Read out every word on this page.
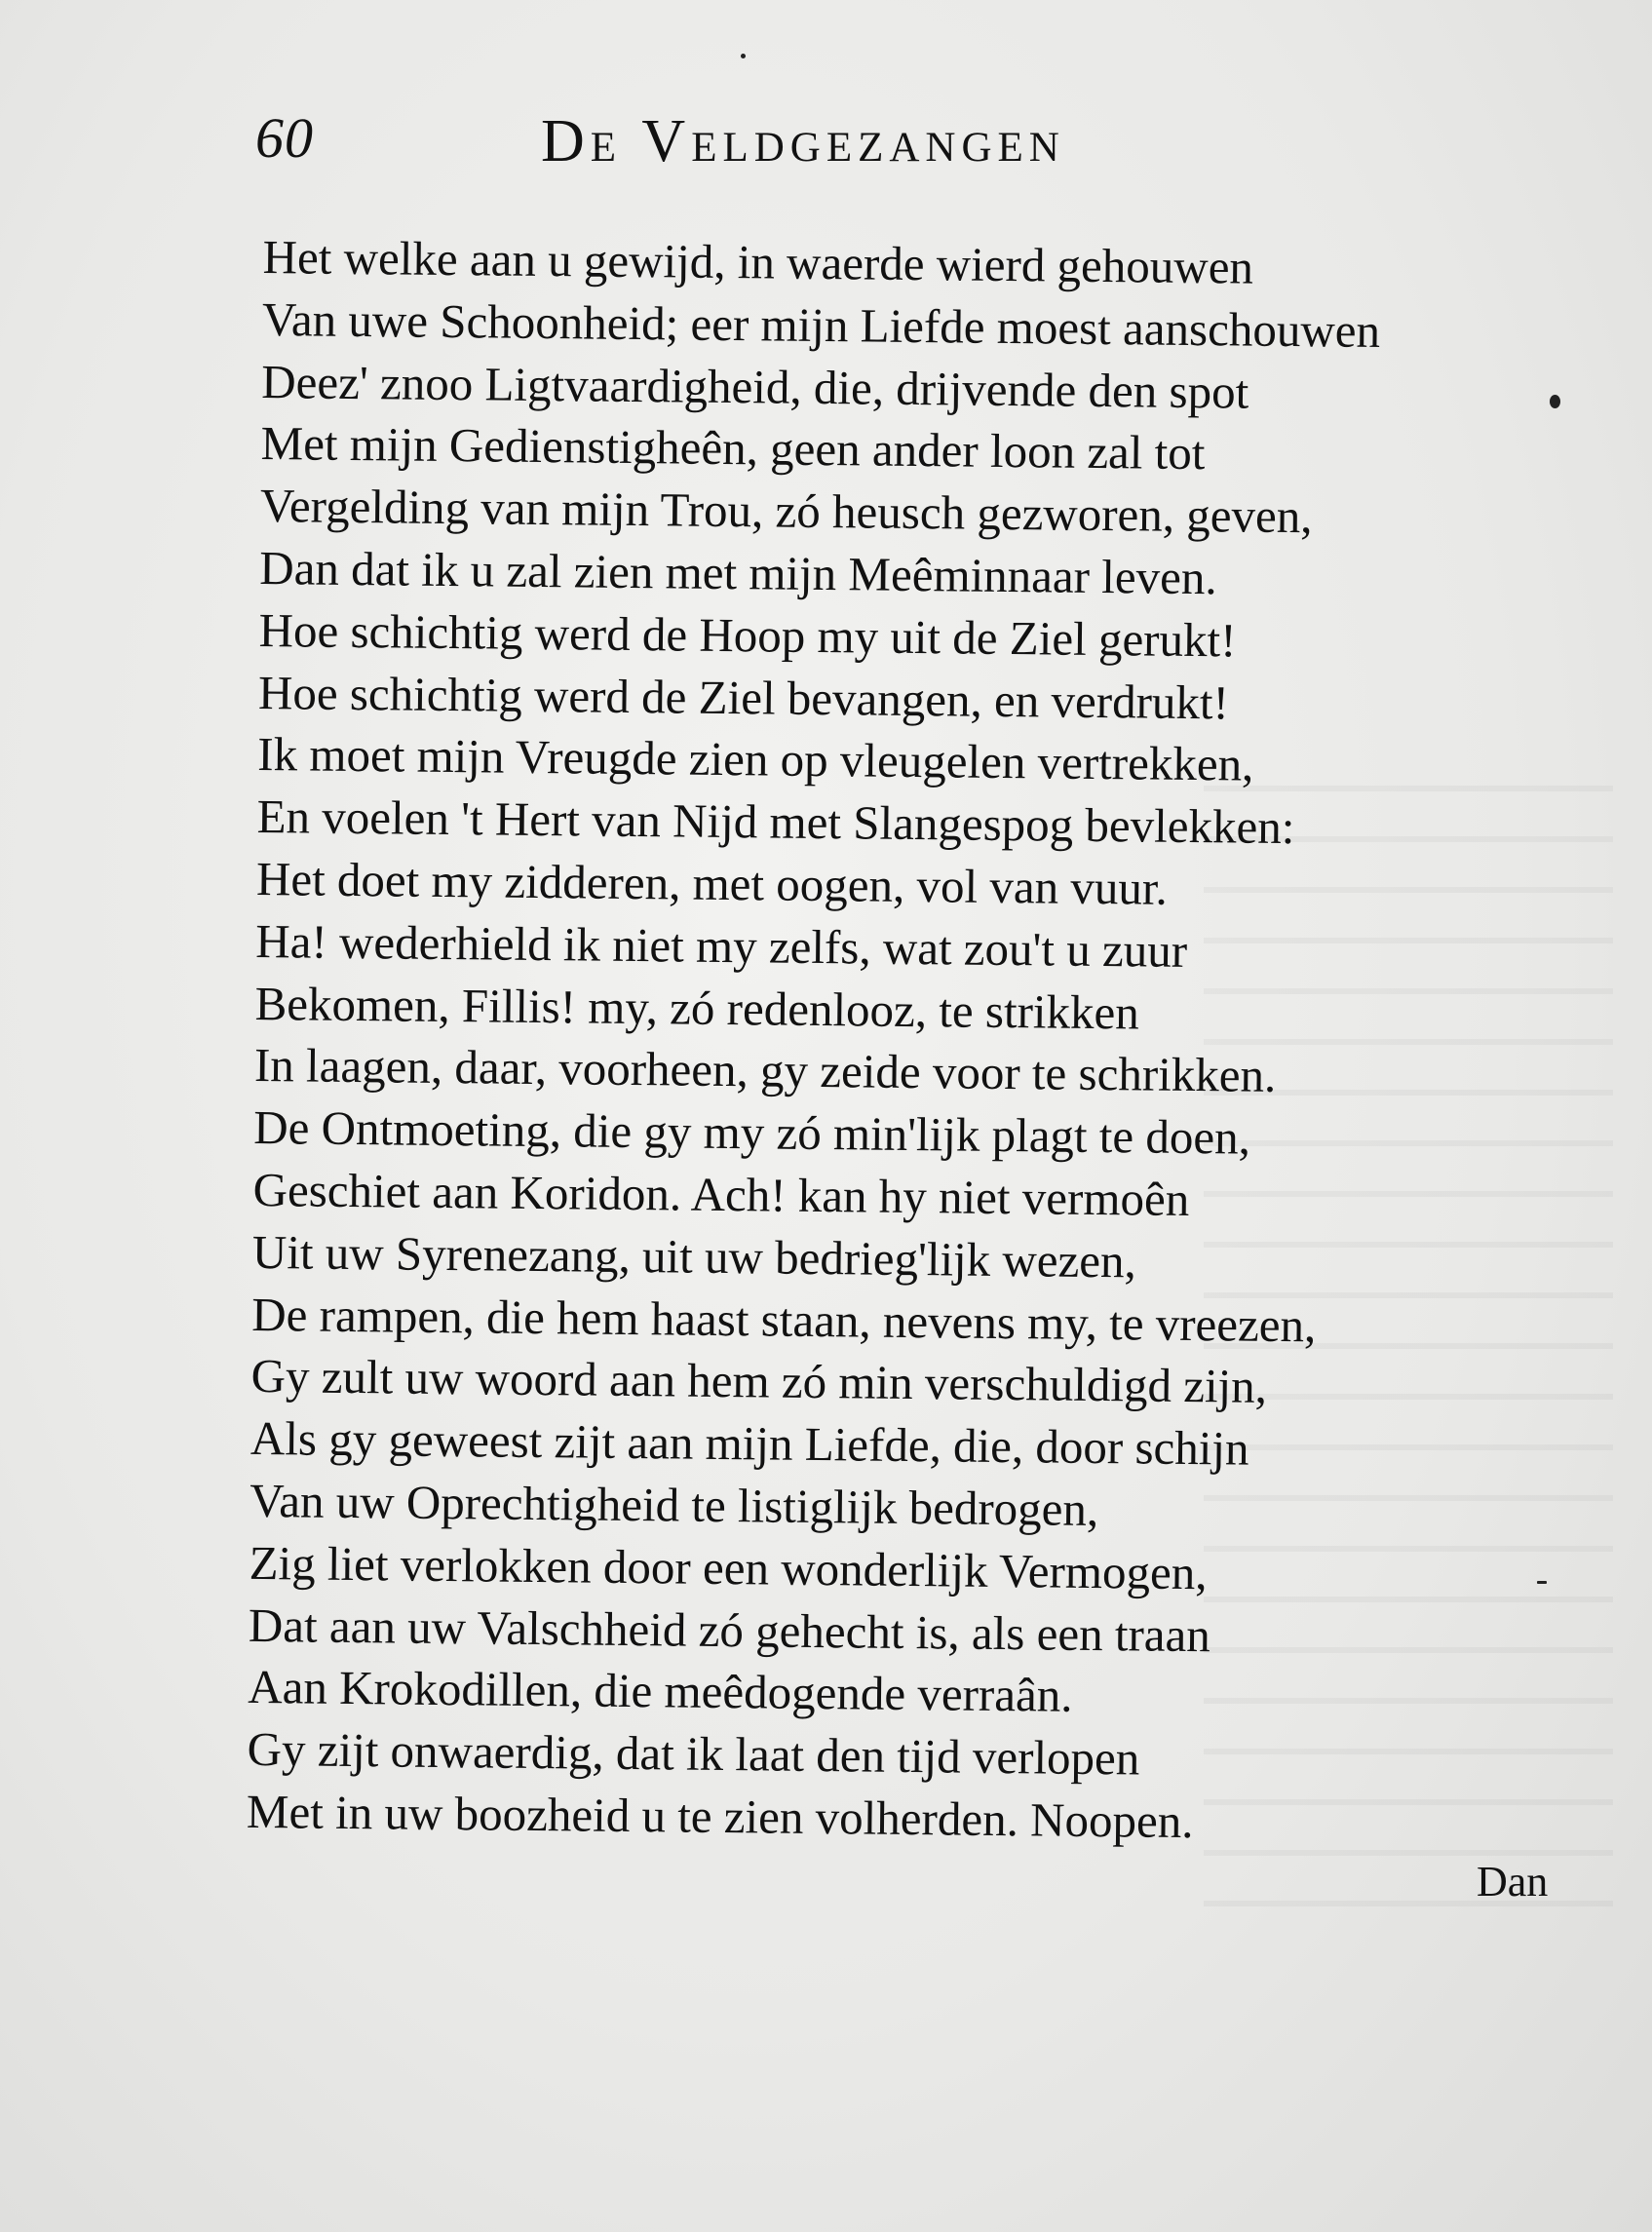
60	De Veldgezangen
Het welke aan u gewijd, in waerde wierd gehouwen
Van uwe Schoonheid; eer mijn Liefde moest aanschouwen
Deez' znoo Ligtvaardigheid, die, drijvende den spot
Met mijn Gedienstigheên, geen ander loon zal tot
Vergelding van mijn Trou, zó heusch gezworen, geven,
Dan dat ik u zal zien met mijn Meêminnaar leven.
Hoe schichtig werd de Hoop my uit de Ziel gerukt!
Hoe schichtig werd de Ziel bevangen, en verdrukt!
Ik moet mijn Vreugde zien op vleugelen vertrekken,
En voelen 't Hert van Nijd met Slangespog bevlekken:
Het doet my zidderen, met oogen, vol van vuur.
Ha! wederhield ik niet my zelfs, wat zou't u zuur
Bekomen, Fillis! my, zó redenlooz, te strikken
In laagen, daar, voorheen, gy zeide voor te schrikken.
De Ontmoeting, die gy my zó min'lijk plagt te doen,
Geschiet aan Koridon. Ach! kan hy niet vermoên
Uit uw Syrenezang, uit uw bedrieg'lijk wezen,
De rampen, die hem haast staan, nevens my, te vreezen,
Gy zult uw woord aan hem zó min verschuldigd zijn,
Als gy geweest zijt aan mijn Liefde, die, door schijn
Van uw Oprechtigheid te listiglijk bedrogen,
Zig liet verlokken door een wonderlijk Vermogen,
Dat aan uw Valschheid zó gehecht is, als een traan
Aan Krokodillen, die meêdogende verraân.
Gy zijt onwaerdig, dat ik laat den tijd verlopen
Met in uw boozheid u te zien volherden. Noopen.
Dan
